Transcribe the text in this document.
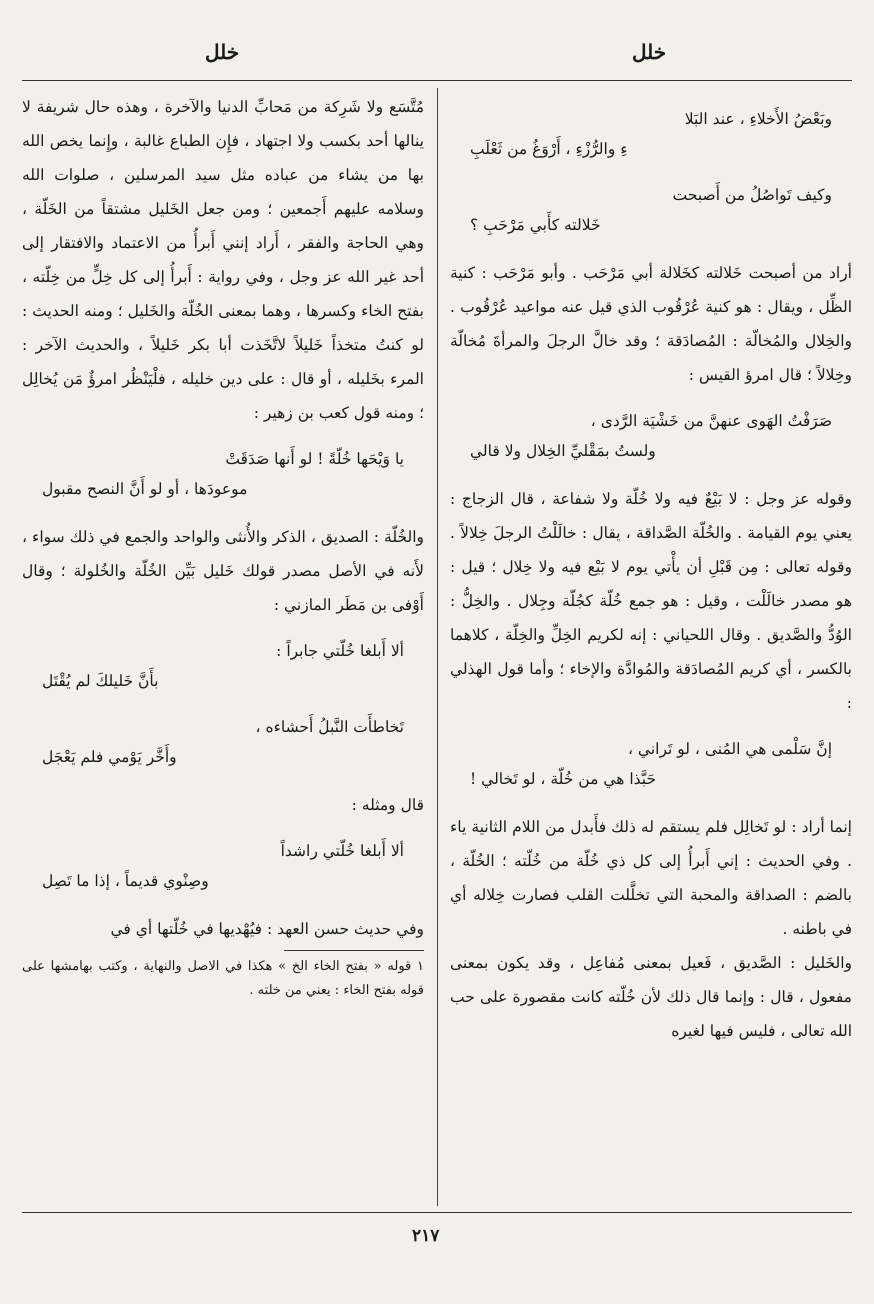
خلل	خلل
وبَعْضُ الأَخلاءِ ، عند البَلا
ءِ والرُّزْءِ ، أَرْوَغُ من ثَعْلَبِ
وكيف تَواصُلُ من أَصبحت
خَلالته كأَبي مَرْحَبِ ؟

أراد من أصبحت خَلالته كخَلالة أبي مَرْحَب . وأبو مَرْحَب : كنية الظِّل ، ويقال : هو كنية عُرْقُوب الذي قيل عنه مواعيد عُرْقُوب . والخِلال والمُخالّة : المُصادَقة ؛ وقد خالَّ الرجلَ والمرأةَ مُخالّة وخِلالاً ؛ قال امرؤ القيس :

صَرَفْتُ الهَوى عنهنَّ من خَشْيَة الرَّدى ،
ولستُ بمَقْليِّ الخِلال ولا قالي

وقوله عز وجل : لا بَيْعٌ فيه ولا خُلّة ولا شفاعة ، قال الزجاج : يعني يوم القيامة . والخُلّة الصَّداقة ، يقال : خالَلْتُ الرجلَ خِلالاً . وقوله تعالى : مِن قَبْلِ أن يأْتي يوم لا بَيْع فيه ولا خِلال ؛ قيل : هو مصدر خالَلْت ، وقيل : هو جمع خُلّة كجُلّة وجِلال . والخِلُّ : الوُدُّ والصَّديق . وقال اللحياني : إنه لكريم الخِلِّ والخِلّة ، كلاهما بالكسر ، أي كريم المُصادَقة والمُوادَّة والإخاء ؛ وأما قول الهذلي :

إنَّ سَلْمى هي المُنى ، لو تَراني ،
حَبَّذا هي من خُلّة ، لو تَخالي !

إنما أراد : لو تَخالِل فلم يستقم له ذلك فأَبدل من اللام الثانية ياء . وفي الحديث : إني أَبرأُ إلى كل ذي خُلّة من خُلّته ؛ الخُلّة ، بالضم : الصداقة والمحبة التي تخلَّلت القلب فصارت خِلاله أي في باطنه .

والخَليل : الصَّديق ، فَعيل بمعنى مُفاعِل ، وقد يكون بمعنى مفعول ، قال : وإنما قال ذلك لأن خُلّته كانت مقصورة على حب الله تعالى ، فليس فيها لغيره

مُتَّسَع ولا شَرِكة من مَحابِّ الدنيا والآخرة ، وهذه حال شريفة لا ينالها أحد بكسب ولا اجتهاد ، فإِن الطباع غالبة ، وإِنما يخص الله بها من يشاء من عباده مثل سيد المرسلين ، صلوات الله وسلامه عليهم أَجمعين ؛ ومن جعل الخَليل مشتقاً من الخَلّة ، وهي الحاجة والفقر ، أَراد إنني أَبرأُ من الاعتماد والافتقار إلى أحد غير الله عز وجل ، وفي رواية : أَبرأُ إلى كل خِلٍّ من خِلّته ، بفتح الخاء وكسرها ، وهما بمعنى الخُلّة والخَليل ؛ ومنه الحديث : لو كنتُ متخذاً خَليلاً لاتَّخَذت أبا بكر خَليلاً ، والحديث الآخر : المرء بخَليله ، أو قال : على دين خليله ، فلْيَنْظُر امرؤٌ مَن يُخالِل ؛ ومنه قول كعب بن زهير :

يا وَيْحَها خُلّةً ! لو أَنها صَدَقَتْ
موعودَها ، أو لو أَنَّ النصح مقبول

والخُلّة : الصديق ، الذكر والأُنثى والواحد والجمع في ذلك سواء ، لأَنه في الأصل مصدر قولك خَليل بَيِّن الخُلّة والخُلولة ؛ وقال أَوْفى بن مَطَر المازني :

ألا أَبلغا خُلّتي جابراً :
بأَنَّ خَليلكَ لم يُقْتَل
تَخاطأَت النَّبلُ أَحشاءه ،
وأَخَّر يَوْمي فلم يَعْجَل

قال ومثله :

ألا أَبلغا خُلّتي راشداً
وصِنْوي قديماً ، إذا ما تَصِل

وفي حديث حسن العهد : فيُهْديها في خُلّتها أي في

١ قوله « بفتح الخاء الخ » هكذا في الاصل والنهاية ، وكتب بهامشها على قوله بفتح الخاء : يعني من خلته .

٢١٧
